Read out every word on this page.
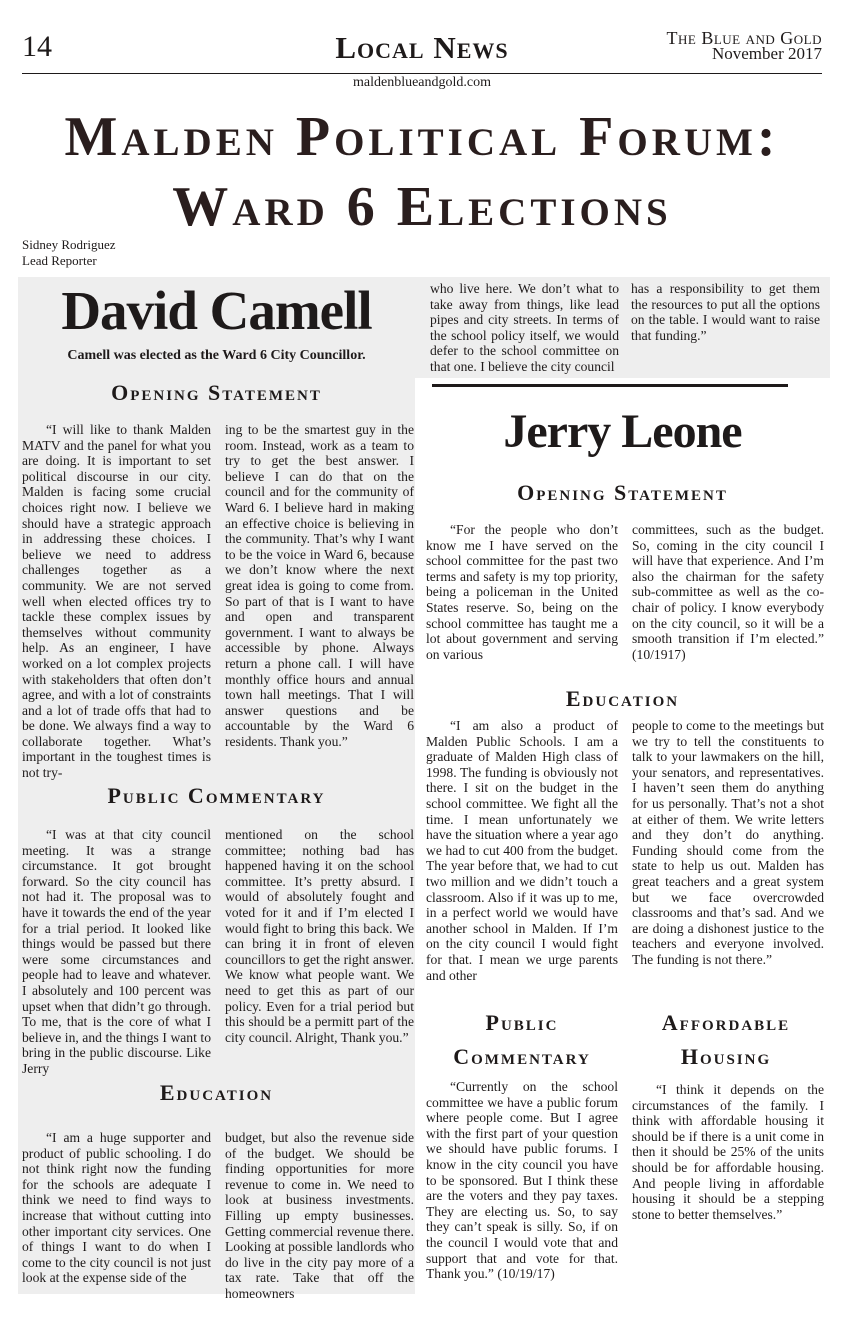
14	Local News	The Blue and Gold
November 2017
maldenblueandgold.com
Malden Political Forum:
Ward 6 Elections
Sidney Rodriguez
Lead Reporter
David Camell
Camell was elected as the Ward 6 City Councillor.
Opening Statement

“I will like to thank Malden MATV and the panel for what you are doing. It is important to set political discourse in our city. Malden is facing some crucial choices right now. I believe we should have a strategic approach in addressing these choices. I believe we need to address challenges together as a community. We are not served well when elected offices try to tackle these complex issues by themselves without community help. As an engineer, I have worked on a lot complex projects with stakeholders that often don’t agree, and with a lot of constraints and a lot of trade offs that had to be done. We always find a way to collaborate together. What’s important in the toughest times is not try-

ing to be the smartest guy in the room. Instead, work as a team to try to get the best answer. I believe I can do that on the council and for the community of Ward 6. I believe hard in making an effective choice is believing in the community. That’s why I want to be the voice in Ward 6, because we don’t know where the next great idea is going to come from. So part of that is I want to have and open and transparent government. I want to always be accessible by phone. Always return a phone call. I will have monthly office hours and annual town hall meetings. That I will answer questions and be accountable by the Ward 6 residents. Thank you.”

Public Commentary

“I was at that city council meeting. It was a strange circumstance. It got brought forward. So the city council has not had it. The proposal was to have it towards the end of the year for a trial period. It looked like things would be passed but there were some circumstances and people had to leave and whatever. I absolutely and 100 percent was upset when that didn’t go through. To me, that is the core of what I believe in, and the things I want to bring in the public discourse. Like Jerry

mentioned on the school committee; nothing bad has happened having it on the school committee. It’s pretty absurd. I would of absolutely fought and voted for it and if I’m elected I would fight to bring this back. We can bring it in front of eleven councillors to get the right answer. We know what people want. We need to get this as part of our policy. Even for a trial period but this should be a permitt part of the city council. Alright, Thank you.”

Education

“I am a huge supporter and product of public schooling. I do not think right now the funding for the schools are adequate I think we need to find ways to increase that without cutting into other important city services. One of things I want to do when I come to the city council is not just look at the expense side of the

budget, but also the revenue side of the budget. We should be finding opportunities for more revenue to come in. We need to look at business investments. Filling up empty businesses. Getting commercial revenue there. Looking at possible landlords who do live in the city pay more of a tax rate. Take that off the homeowners

who live here. We don’t what to take away from things, like lead pipes and city streets. In terms of the school policy itself, we would defer to the school committee on that one. I believe the city council

has a responsibility to get them the resources to put all the options on the table. I would want to raise that funding.”

Jerry Leone
Opening Statement

“For the people who don’t know me I have served on the school committee for the past two terms and safety is my top priority, being a policeman in the United States reserve. So, being on the school committee has taught me a lot about government and serving on various

committees, such as the budget. So, coming in the city council I will have that experience. And I’m also the chairman for the safety sub-committee as well as the co-chair of policy. I know everybody on the city council, so it will be a smooth transition if I’m elected.” (10/1917)

Education

“I am also a product of Malden Public Schools. I am a graduate of Malden High class of 1998. The funding is obviously not there. I sit on the budget in the school committee. We fight all the time. I mean unfortunately we have the situation where a year ago we had to cut 400 from the budget. The year before that, we had to cut two million and we didn’t touch a classroom. Also if it was up to me, in a perfect world we would have another school in Malden. If I’m on the city council I would fight for that. I mean we urge parents and other

people to come to the meetings but we try to tell the constituents to talk to your lawmakers on the hill, your senators, and representatives. I haven’t seen them do anything for us personally. That’s not a shot at either of them. We write letters and they don’t do anything. Funding should come from the state to help us out. Malden has great teachers and a great system but we face overcrowded classrooms and that’s sad. And we are doing a dishonest justice to the teachers and everyone involved. The funding is not there.”

Public
Commentary

“Currently on the school committee we have a public forum where people come. But I agree with the first part of your question we should have public forums. I know in the city council you have to be sponsored. But I think these are the voters and they pay taxes. They are electing us. So, to say they can’t speak is silly. So, if on the council I would vote that and support that and vote for that. Thank you.” (10/19/17)

Affordable
Housing

“I think it depends on the circumstances of the family. I think with affordable housing it should be if there is a unit come in then it should be 25% of the units should be for affordable housing. And people living in affordable housing it should be a stepping stone to better themselves.”
